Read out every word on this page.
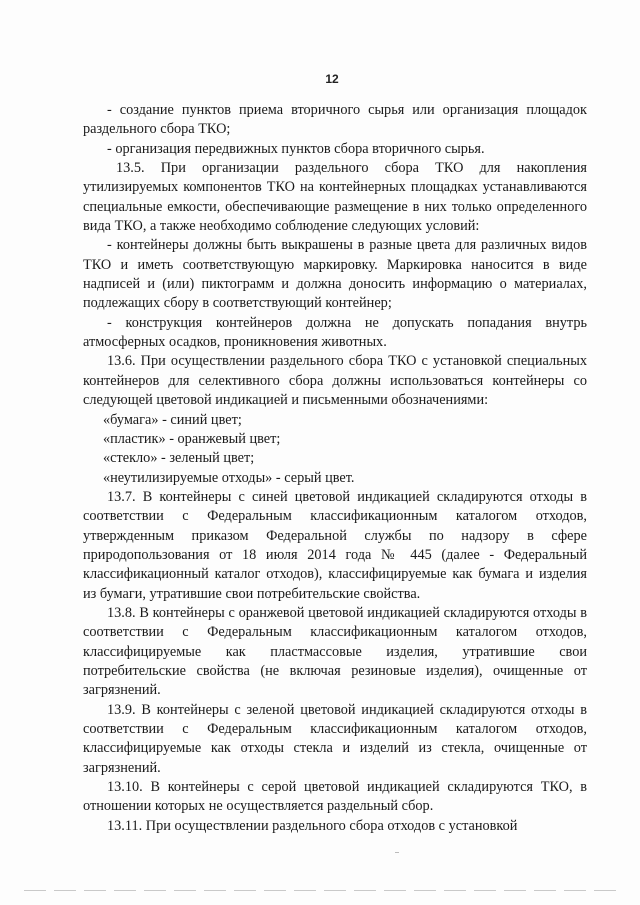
12

- создание пунктов приема вторичного сырья или организация площадок раздельного сбора ТКО;

- организация передвижных пунктов сбора вторичного сырья.

13.5. При организации раздельного сбора ТКО для накопления утилизируемых компонентов ТКО на контейнерных площадках устанавливаются специальные емкости, обеспечивающие размещение в них только определенного вида ТКО, а также необходимо соблюдение следующих условий:

- контейнеры должны быть выкрашены в разные цвета для различных видов ТКО и иметь соответствующую маркировку. Маркировка наносится в виде надписей и (или) пиктограмм и должна доносить информацию о материалах, подлежащих сбору в соответствующий контейнер;

- конструкция контейнеров должна не допускать попадания внутрь атмосферных осадков, проникновения животных.

13.6. При осуществлении раздельного сбора ТКО с установкой специальных контейнеров для селективного сбора должны использоваться контейнеры со следующей цветовой индикацией и письменными обозначениями:

«бумага» - синий цвет;

«пластик» - оранжевый цвет;

«стекло» - зеленый цвет;

«неутилизируемые отходы» - серый цвет.

13.7. В контейнеры с синей цветовой индикацией складируются отходы в соответствии с Федеральным классификационным каталогом отходов, утвержденным приказом Федеральной службы по надзору в сфере природопользования от 18 июля 2014 года № 445 (далее - Федеральный классификационный каталог отходов), классифицируемые как бумага и изделия из бумаги, утратившие свои потребительские свойства.

13.8. В контейнеры с оранжевой цветовой индикацией складируются отходы в соответствии с Федеральным классификационным каталогом отходов, классифицируемые как пластмассовые изделия, утратившие свои потребительские свойства (не включая резиновые изделия), очищенные от загрязнений.

13.9. В контейнеры с зеленой цветовой индикацией складируются отходы в соответствии с Федеральным классификационным каталогом отходов, классифицируемые как отходы стекла и изделий из стекла, очищенные от загрязнений.

13.10. В контейнеры с серой цветовой индикацией складируются ТКО, в отношении которых не осуществляется раздельный сбор.

13.11. При осуществлении раздельного сбора отходов с установкой
